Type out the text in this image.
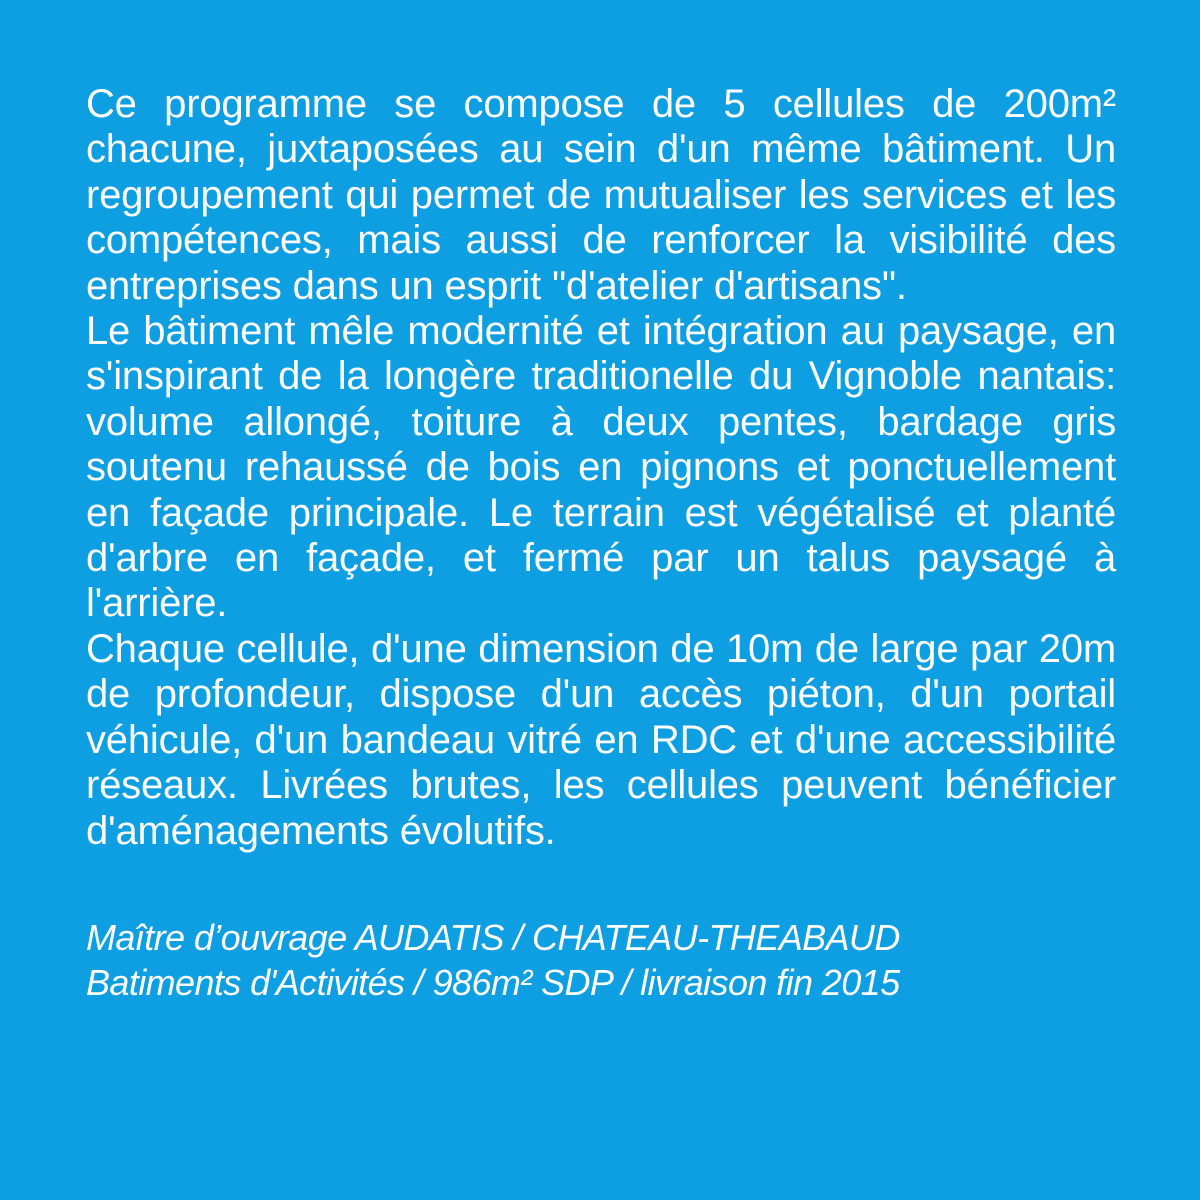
Ce programme se compose de 5 cellules de 200m² chacune, juxtaposées au sein d'un même bâtiment. Un regroupement qui permet de mutualiser les services et les compétences, mais aussi de renforcer la visibilité des entreprises dans un esprit "d'atelier d'artisans".

Le bâtiment mêle modernité et intégration au paysage, en s'inspirant de la longère traditionelle du Vignoble nantais: volume allongé, toiture à deux pentes, bardage gris soutenu rehaussé de bois en pignons et ponctuellement en façade principale. Le terrain est végétalisé et planté d'arbre en façade, et fermé par un talus paysagé à l'arrière.

Chaque cellule, d'une dimension de 10m de large par 20m de profondeur, dispose d'un accès piéton, d'un portail véhicule, d'un bandeau vitré en RDC et d'une accessibilité réseaux. Livrées brutes, les cellules peuvent bénéficier d'aménagements évolutifs.

Maître d’ouvrage AUDATIS / CHATEAU-THEABAUD
Batiments d'Activités / 986m² SDP / livraison fin 2015
